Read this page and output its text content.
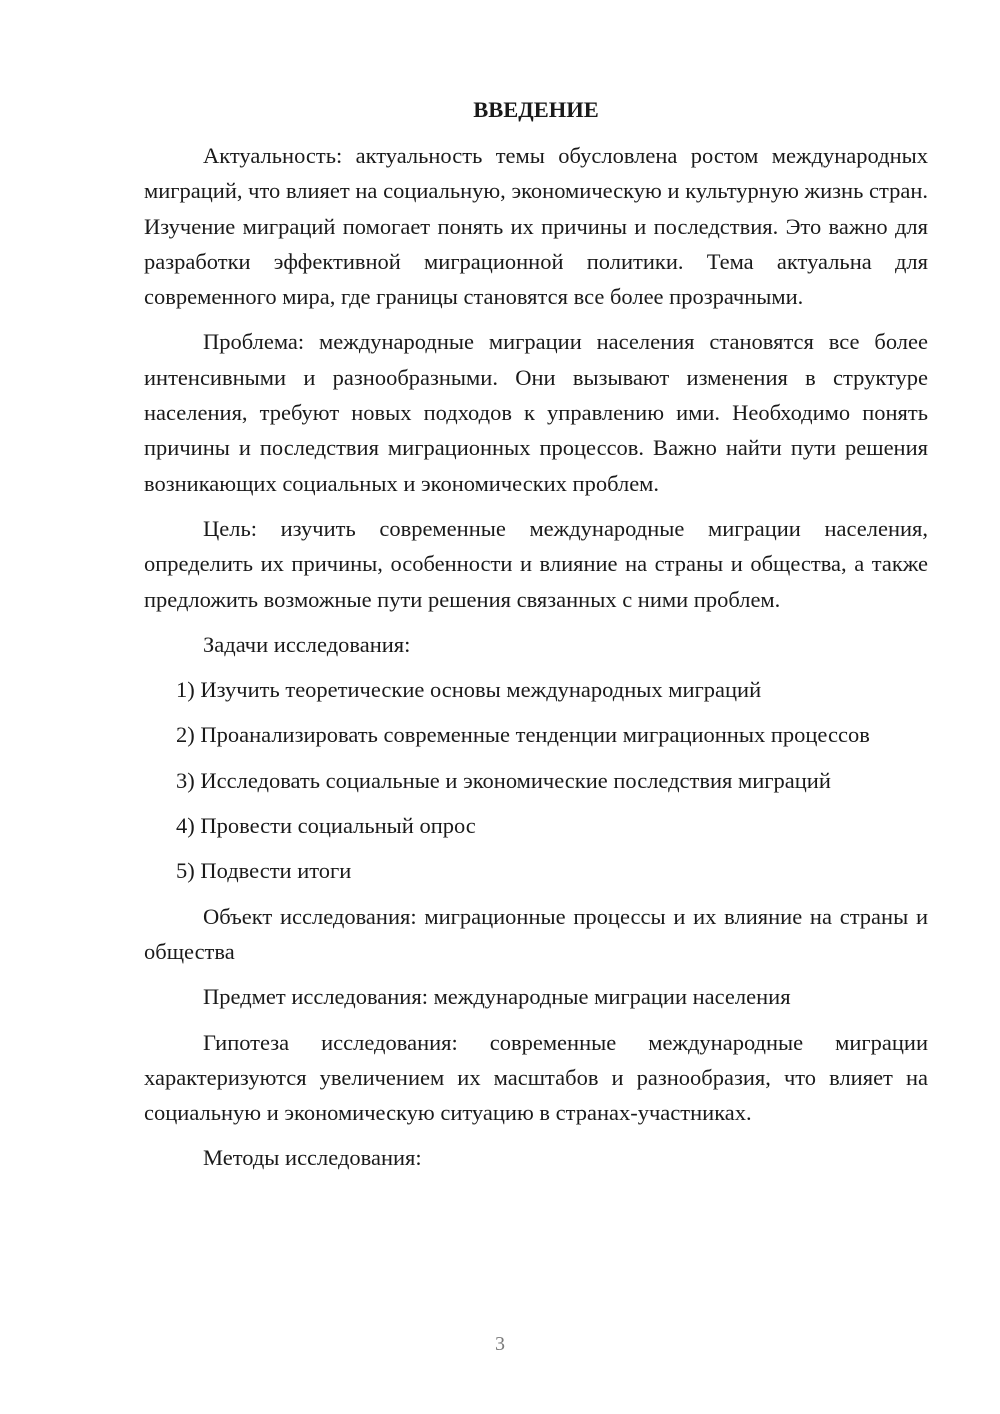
ВВЕДЕНИЕ

Актуальность: актуальность темы обусловлена ростом международных миграций, что влияет на социальную, экономическую и культурную жизнь стран. Изучение миграций помогает понять их причины и последствия. Это важно для разработки эффективной миграционной политики. Тема актуальна для современного мира, где границы становятся все более прозрачными.

Проблема: международные миграции населения становятся все более интенсивными и разнообразными. Они вызывают изменения в структуре населения, требуют новых подходов к управлению ими. Необходимо понять причины и последствия миграционных процессов. Важно найти пути решения возникающих социальных и экономических проблем.

Цель: изучить современные международные миграции населения, определить их причины, особенности и влияние на страны и общества, а также предложить возможные пути решения связанных с ними проблем.

Задачи исследования:

1) Изучить теоретические основы международных миграций

2) Проанализировать современные тенденции миграционных процессов

3) Исследовать социальные и экономические последствия миграций

4) Провести социальный опрос

5) Подвести итоги

Объект исследования: миграционные процессы и их влияние на страны и общества

Предмет исследования: международные миграции населения

Гипотеза исследования: современные международные миграции характеризуются увеличением их масштабов и разнообразия, что влияет на социальную и экономическую ситуацию в странах-участниках.

Методы исследования:

3
